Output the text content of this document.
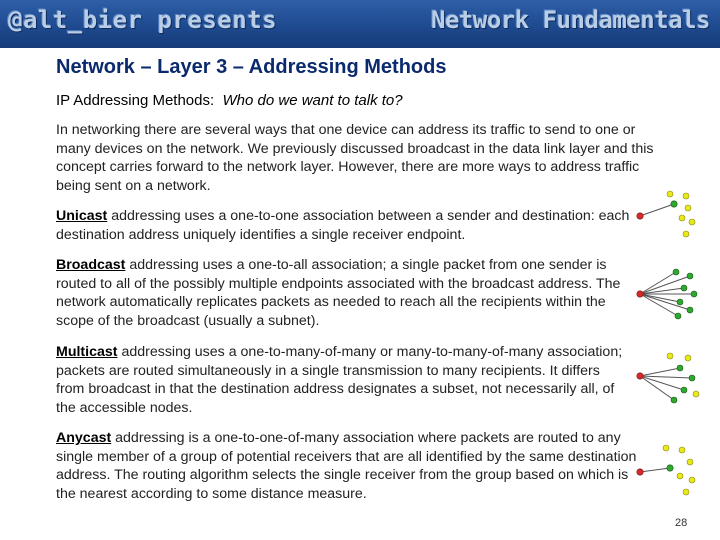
@alt_bier presents	Network Fundamentals
Network – Layer 3 – Addressing Methods
IP Addressing Methods: Who do we want to talk to?
In networking there are several ways that one device can address its traffic to send to one or many devices on the network. We previously discussed broadcast in the data link layer and this concept carries forward to the network layer. However, there are more ways to address traffic being sent on a network.
Unicast addressing uses a one-to-one association between a sender and destination: each destination address uniquely identifies a single receiver endpoint.
Broadcast addressing uses a one-to-all association; a single packet from one sender is routed to all of the possibly multiple endpoints associated with the broadcast address. The network automatically replicates packets as needed to reach all the recipients within the scope of the broadcast (usually a subnet).
Multicast addressing uses a one-to-many-of-many or many-to-many-of-many association; packets are routed simultaneously in a single transmission to many recipients. It differs from broadcast in that the destination address designates a subset, not necessarily all, of the accessible nodes.
Anycast addressing is a one-to-one-of-many association where packets are routed to any single member of a group of potential receivers that are all identified by the same destination address. The routing algorithm selects the single receiver from the group based on which is the nearest according to some distance measure.
28
